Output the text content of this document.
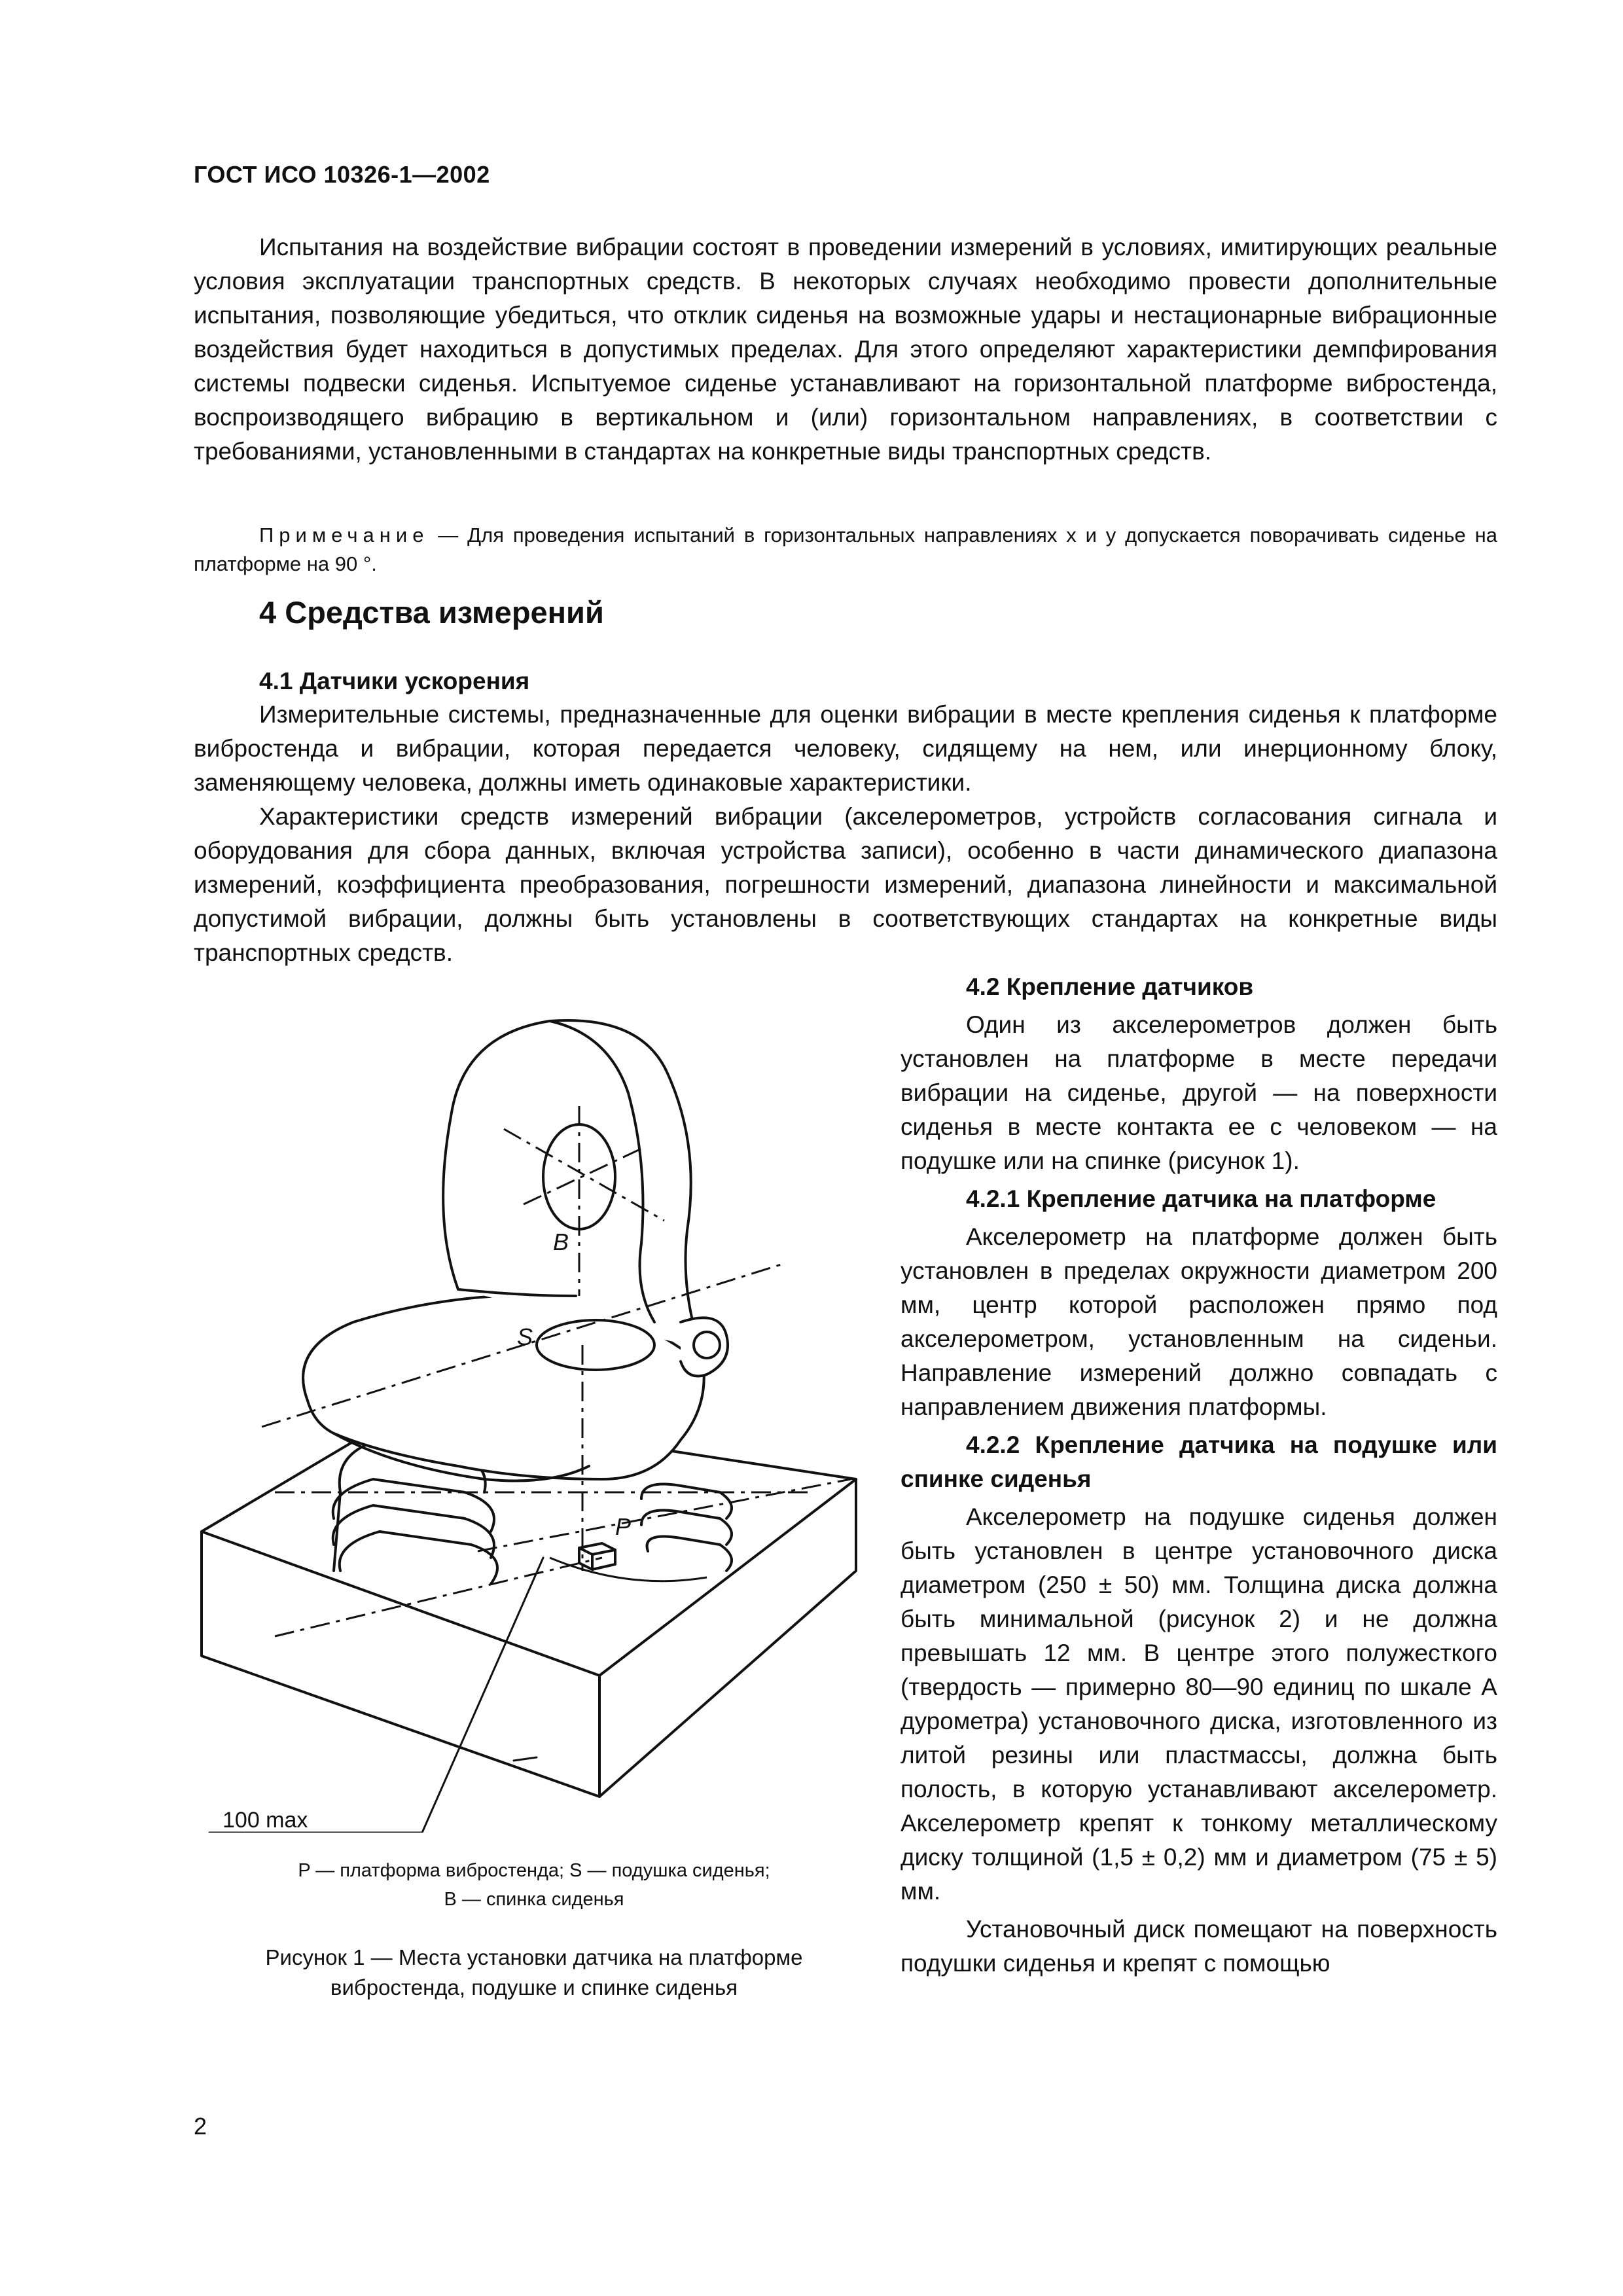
ГОСТ ИСО 10326-1—2002

Испытания на воздействие вибрации состоят в проведении измерений в условиях, имитирующих реальные условия эксплуатации транспортных средств. В некоторых случаях необходимо провести дополнительные испытания, позволяющие убедиться, что отклик сиденья на возможные удары и нестационарные вибрационные воздействия будет находиться в допустимых пределах. Для этого определяют характеристики демпфирования системы подвески сиденья. Испытуемое сиденье устанавливают на горизонтальной платформе вибростенда, воспроизводящего вибрацию в вертикальном и (или) горизонтальном направлениях, в соответствии с требованиями, установленными в стандартах на конкретные виды транспортных средств.

Примечание — Для проведения испытаний в горизонтальных направлениях x и y допускается поворачивать сиденье на платформе на 90 °.
4 Средства измерений
4.1 Датчики ускорения

Измерительные системы, предназначенные для оценки вибрации в месте крепления сиденья к платформе вибростенда и вибрации, которая передается человеку, сидящему на нем, или инерционному блоку, заменяющему человека, должны иметь одинаковые характеристики.

Характеристики средств измерений вибрации (акселерометров, устройств согласования сигнала и оборудования для сбора данных, включая устройства записи), особенно в части динамического диапазона измерений, коэффициента преобразования, погрешности измерений, диапазона линейности и максимальной допустимой вибрации, должны быть установлены в соответствующих стандартах на конкретные виды транспортных средств.

B
S
P
100 max
P — платформа вибростенда; S — подушка сиденья;
B — спинка сиденья
Рисунок 1 — Места установки датчика на платформе
вибростенда, подушке и спинке сиденья

4.2 Крепление датчиков

Один из акселерометров должен быть установлен на платформе в месте передачи вибрации на сиденье, другой — на поверхности сиденья в месте контакта ее с человеком — на подушке или на спинке (рисунок 1).

4.2.1 Крепление датчика на платформе

Акселерометр на платформе должен быть установлен в пределах окружности диаметром 200 мм, центр которой расположен прямо под акселерометром, установленным на сиденьи. Направление измерений должно совпадать с направлением движения платформы.

4.2.2 Крепление датчика на подушке или спинке сиденья

Акселерометр на подушке сиденья должен быть установлен в центре установочного диска диаметром (250 ± 50) мм. Толщина диска должна быть минимальной (рисунок 2) и не должна превышать 12 мм. В центре этого полужесткого (твердость — примерно 80—90 единиц по шкале A дурометра) установочного диска, изготовленного из литой резины или пластмассы, должна быть полость, в которую устанавливают акселерометр. Акселерометр крепят к тонкому металлическому диску толщиной (1,5 ± 0,2) мм и диаметром (75 ± 5) мм.

Установочный диск помещают на поверхность подушки сиденья и крепят с помощью

2
